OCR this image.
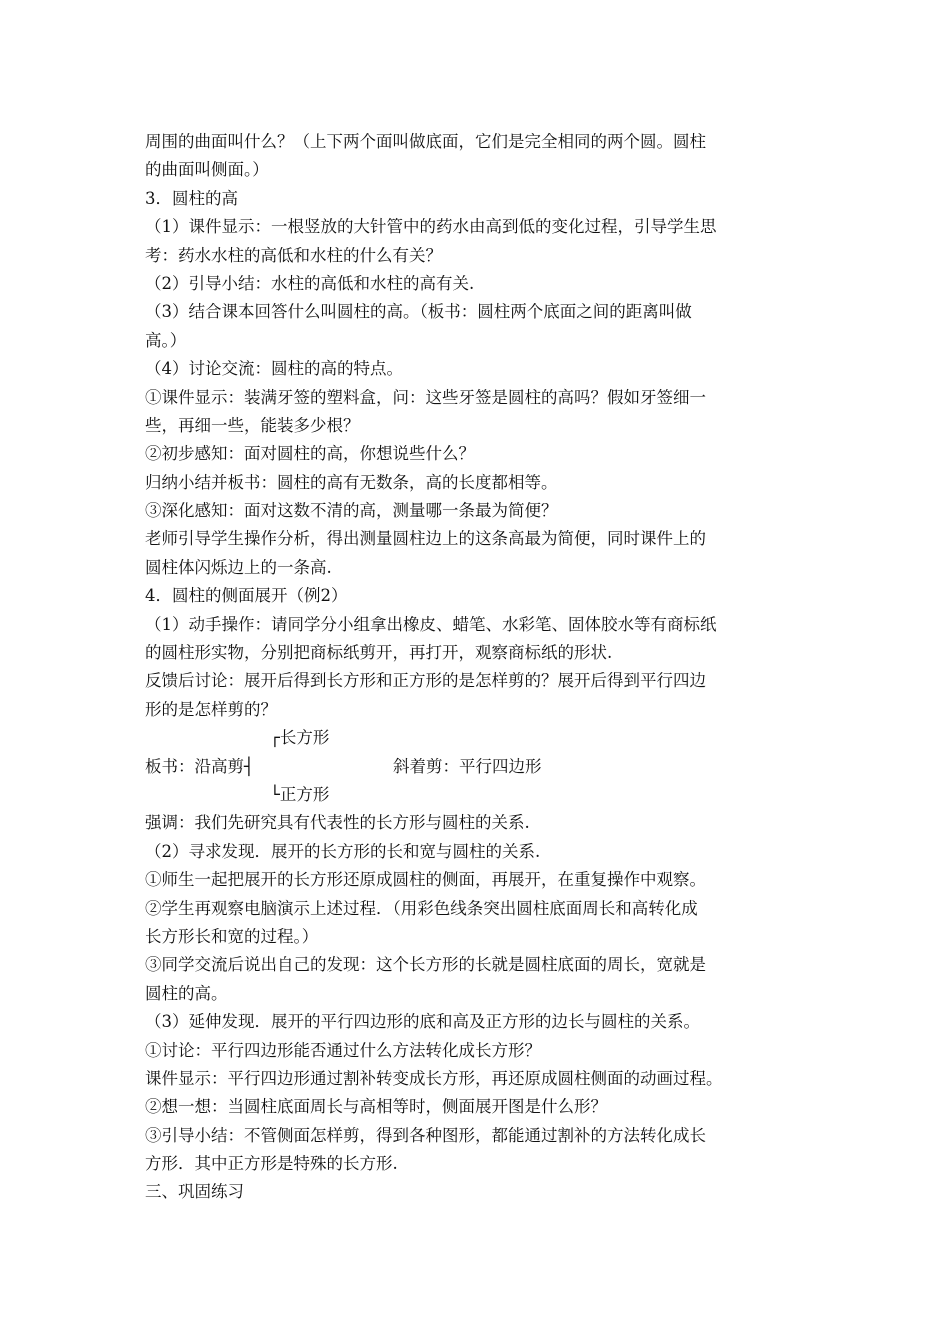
周围的曲面叫什么？（上下两个面叫做底面，它们是完全相同的两个圆。圆柱
的曲面叫侧面。）
3．圆柱的高
（1）课件显示：一根竖放的大针管中的药水由高到低的变化过程，引导学生思
考：药水水柱的高低和水柱的什么有关？
（2）引导小结：水柱的高低和水柱的高有关.
（3）结合课本回答什么叫圆柱的高。（板书：圆柱两个底面之间的距离叫做
高。）
（4）讨论交流：圆柱的高的特点。
①课件显示：装满牙签的塑料盒，问：这些牙签是圆柱的高吗？假如牙签细一
些，再细一些，能装多少根？
②初步感知：面对圆柱的高，你想说些什么？
归纳小结并板书：圆柱的高有无数条，高的长度都相等。
③深化感知：面对这数不清的高，测量哪一条最为简便？
老师引导学生操作分析，得出测量圆柱边上的这条高最为简便，同时课件上的
圆柱体闪烁边上的一条高.
4．圆柱的侧面展开（例2）
（1）动手操作：请同学分小组拿出橡皮、蜡笔、水彩笔、固体胶水等有商标纸
的圆柱形实物，分别把商标纸剪开，再打开，观察商标纸的形状.
反馈后讨论：展开后得到长方形和正方形的是怎样剪的？展开后得到平行四边
形的是怎样剪的？
┌长方形
板书：沿高剪┤	斜着剪：平行四边形
└正方形
强调：我们先研究具有代表性的长方形与圆柱的关系.
（2）寻求发现．展开的长方形的长和宽与圆柱的关系.
①师生一起把展开的长方形还原成圆柱的侧面，再展开，在重复操作中观察。
②学生再观察电脑演示上述过程．（用彩色线条突出圆柱底面周长和高转化成
长方形长和宽的过程。）
③同学交流后说出自己的发现：这个长方形的长就是圆柱底面的周长，宽就是
圆柱的高。
（3）延伸发现．展开的平行四边形的底和高及正方形的边长与圆柱的关系。
①讨论：平行四边形能否通过什么方法转化成长方形？
课件显示：平行四边形通过割补转变成长方形，再还原成圆柱侧面的动画过程。
②想一想：当圆柱底面周长与高相等时，侧面展开图是什么形？
③引导小结：不管侧面怎样剪，得到各种图形，都能通过割补的方法转化成长
方形．其中正方形是特殊的长方形.
三、巩固练习
